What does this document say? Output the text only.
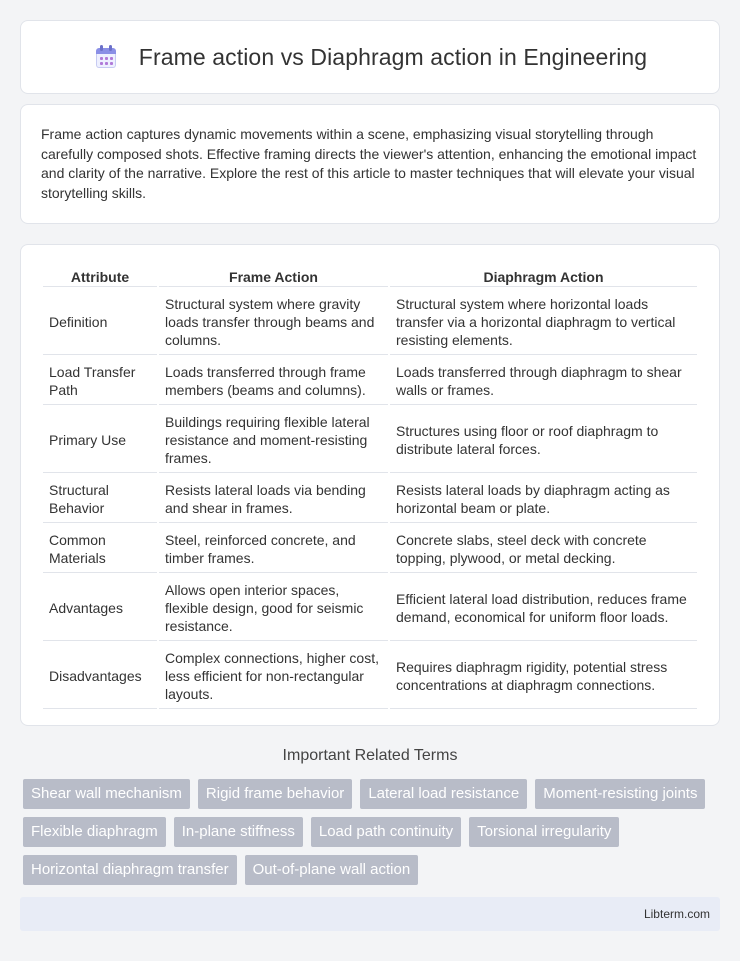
Frame action vs Diaphragm action in Engineering

Frame action captures dynamic movements within a scene, emphasizing visual storytelling through carefully composed shots. Effective framing directs the viewer's attention, enhancing the emotional impact and clarity of the narrative. Explore the rest of this article to master techniques that will elevate your visual storytelling skills.

Attribute	Frame Action	Diaphragm Action
Definition	Structural system where gravity loads transfer through beams and columns.	Structural system where horizontal loads transfer via a horizontal diaphragm to vertical resisting elements.
Load Transfer Path	Loads transferred through frame members (beams and columns).	Loads transferred through diaphragm to shear walls or frames.
Primary Use	Buildings requiring flexible lateral resistance and moment-resisting frames.	Structures using floor or roof diaphragm to distribute lateral forces.
Structural Behavior	Resists lateral loads via bending and shear in frames.	Resists lateral loads by diaphragm acting as horizontal beam or plate.
Common Materials	Steel, reinforced concrete, and timber frames.	Concrete slabs, steel deck with concrete topping, plywood, or metal decking.
Advantages	Allows open interior spaces, flexible design, good for seismic resistance.	Efficient lateral load distribution, reduces frame demand, economical for uniform floor loads.
Disadvantages	Complex connections, higher cost, less efficient for non-rectangular layouts.	Requires diaphragm rigidity, potential stress concentrations at diaphragm connections.
Important Related Terms
Shear wall mechanism	Rigid frame behavior	Lateral load resistance	Moment-resisting joints
Flexible diaphragm	In-plane stiffness	Load path continuity	Torsional irregularity
Horizontal diaphragm transfer	Out-of-plane wall action
Libterm.com
